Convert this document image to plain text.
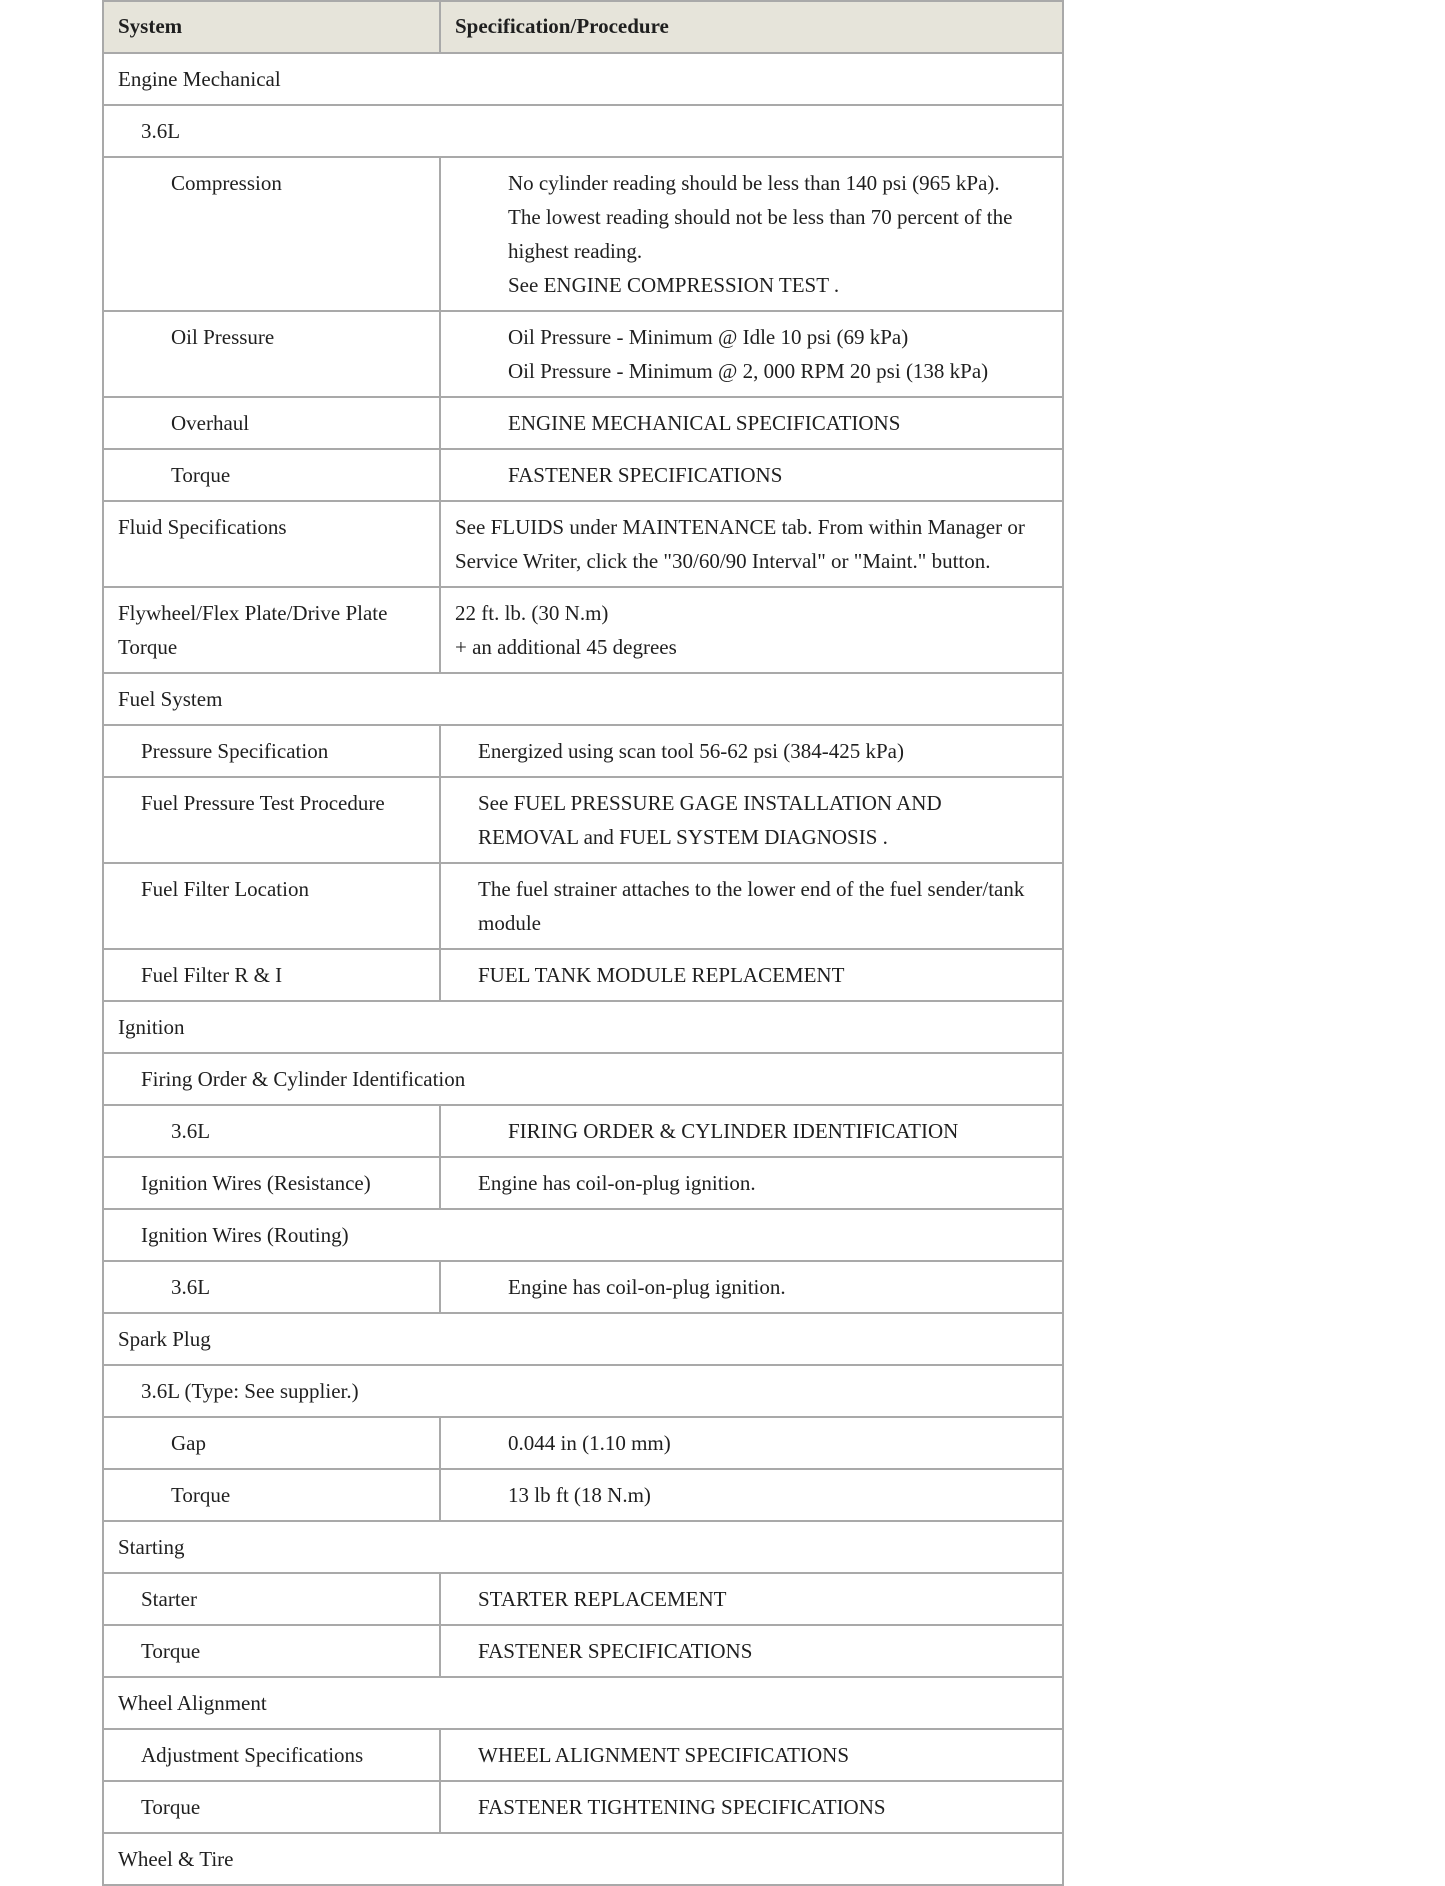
System	Specification/Procedure
Engine Mechanical	
3.6L	
Compression	No cylinder reading should be less than 140 psi (965 kPa).
The lowest reading should not be less than 70 percent of the
highest reading.
See ENGINE COMPRESSION TEST .

Oil Pressure	Oil Pressure - Minimum @ Idle 10 psi (69 kPa)
Oil Pressure - Minimum @ 2, 000 RPM 20 psi (138 kPa)

Overhaul	ENGINE MECHANICAL SPECIFICATIONS

Torque	FASTENER SPECIFICATIONS

Fluid Specifications	See FLUIDS under MAINTENANCE tab. From within Manager or
Service Writer, click the "30/60/90 Interval" or "Maint." button.

Flywheel/Flex Plate/Drive Plate
Torque	22 ft. lb. (30 N.m)
+ an additional 45 degrees

Fuel System	
Pressure Specification	Energized using scan tool 56-62 psi (384-425 kPa)

Fuel Pressure Test Procedure	See FUEL PRESSURE GAGE INSTALLATION AND
REMOVAL and FUEL SYSTEM DIAGNOSIS .

Fuel Filter Location	The fuel strainer attaches to the lower end of the fuel sender/tank
module

Fuel Filter R & I	FUEL TANK MODULE REPLACEMENT

Ignition	
Firing Order & Cylinder Identification	
3.6L	FIRING ORDER & CYLINDER IDENTIFICATION

Ignition Wires (Resistance)	Engine has coil-on-plug ignition.

Ignition Wires (Routing)	
3.6L	Engine has coil-on-plug ignition.

Spark Plug	
3.6L (Type: See supplier.)	
Gap	0.044 in (1.10 mm)

Torque	13 lb ft (18 N.m)

Starting	
Starter	STARTER REPLACEMENT

Torque	FASTENER SPECIFICATIONS

Wheel Alignment	
Adjustment Specifications	WHEEL ALIGNMENT SPECIFICATIONS

Torque	FASTENER TIGHTENING SPECIFICATIONS

Wheel & Tire	
